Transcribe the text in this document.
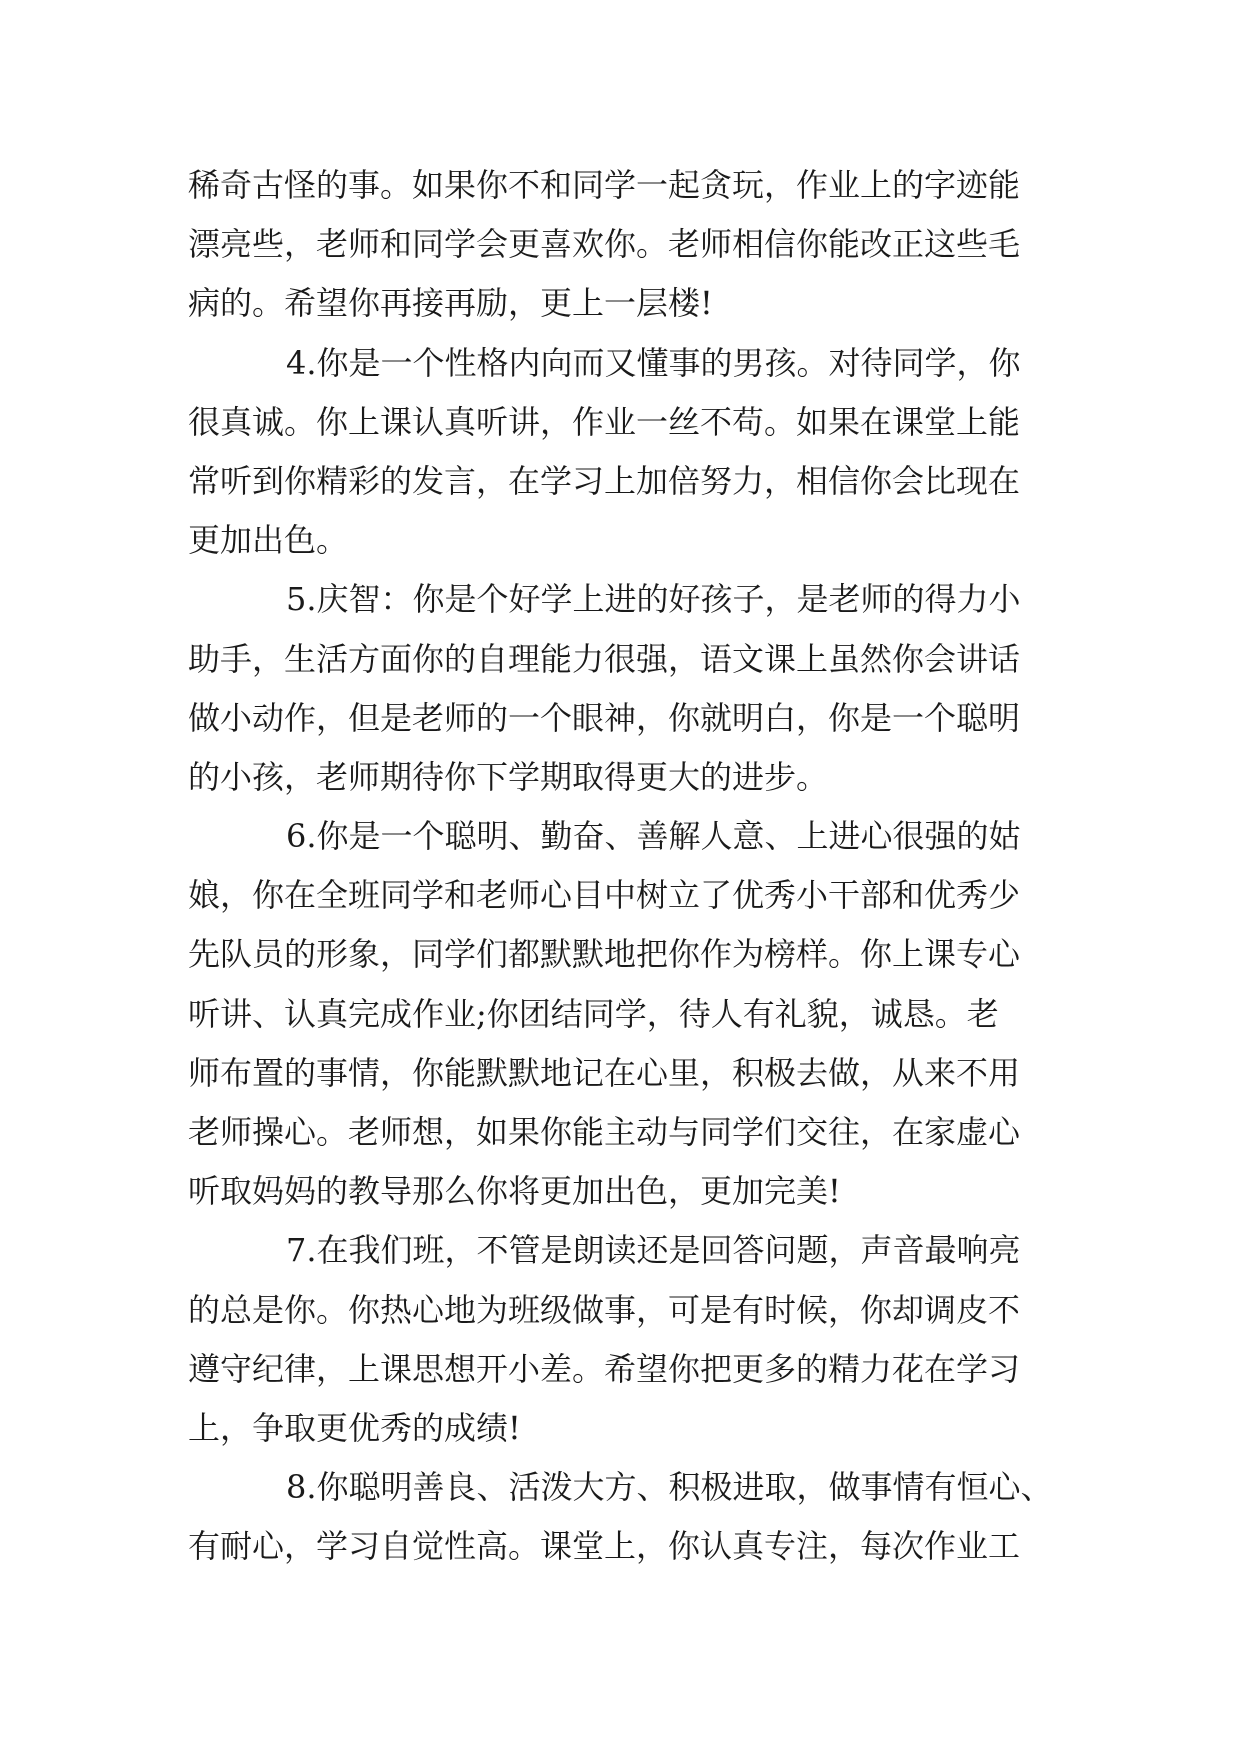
稀奇古怪的事。如果你不和同学一起贪玩，作业上的字迹能
漂亮些，老师和同学会更喜欢你。老师相信你能改正这些毛
病的。希望你再接再励，更上一层楼!
4.你是一个性格内向而又懂事的男孩。对待同学，你
很真诚。你上课认真听讲，作业一丝不苟。如果在课堂上能
常听到你精彩的发言，在学习上加倍努力，相信你会比现在
更加出色。
5.庆智：你是个好学上进的好孩子，是老师的得力小
助手，生活方面你的自理能力很强，语文课上虽然你会讲话
做小动作，但是老师的一个眼神，你就明白，你是一个聪明
的小孩，老师期待你下学期取得更大的进步。
6.你是一个聪明、勤奋、善解人意、上进心很强的姑
娘，你在全班同学和老师心目中树立了优秀小干部和优秀少
先队员的形象，同学们都默默地把你作为榜样。你上课专心
听讲、认真完成作业;你团结同学，待人有礼貌，诚恳。老
师布置的事情，你能默默地记在心里，积极去做，从来不用
老师操心。老师想，如果你能主动与同学们交往，在家虚心
听取妈妈的教导那么你将更加出色，更加完美!
7.在我们班，不管是朗读还是回答问题，声音最响亮
的总是你。你热心地为班级做事，可是有时候，你却调皮不
遵守纪律，上课思想开小差。希望你把更多的精力花在学习
上，争取更优秀的成绩!
8.你聪明善良、活泼大方、积极进取，做事情有恒心、
有耐心，学习自觉性高。课堂上，你认真专注，每次作业工
